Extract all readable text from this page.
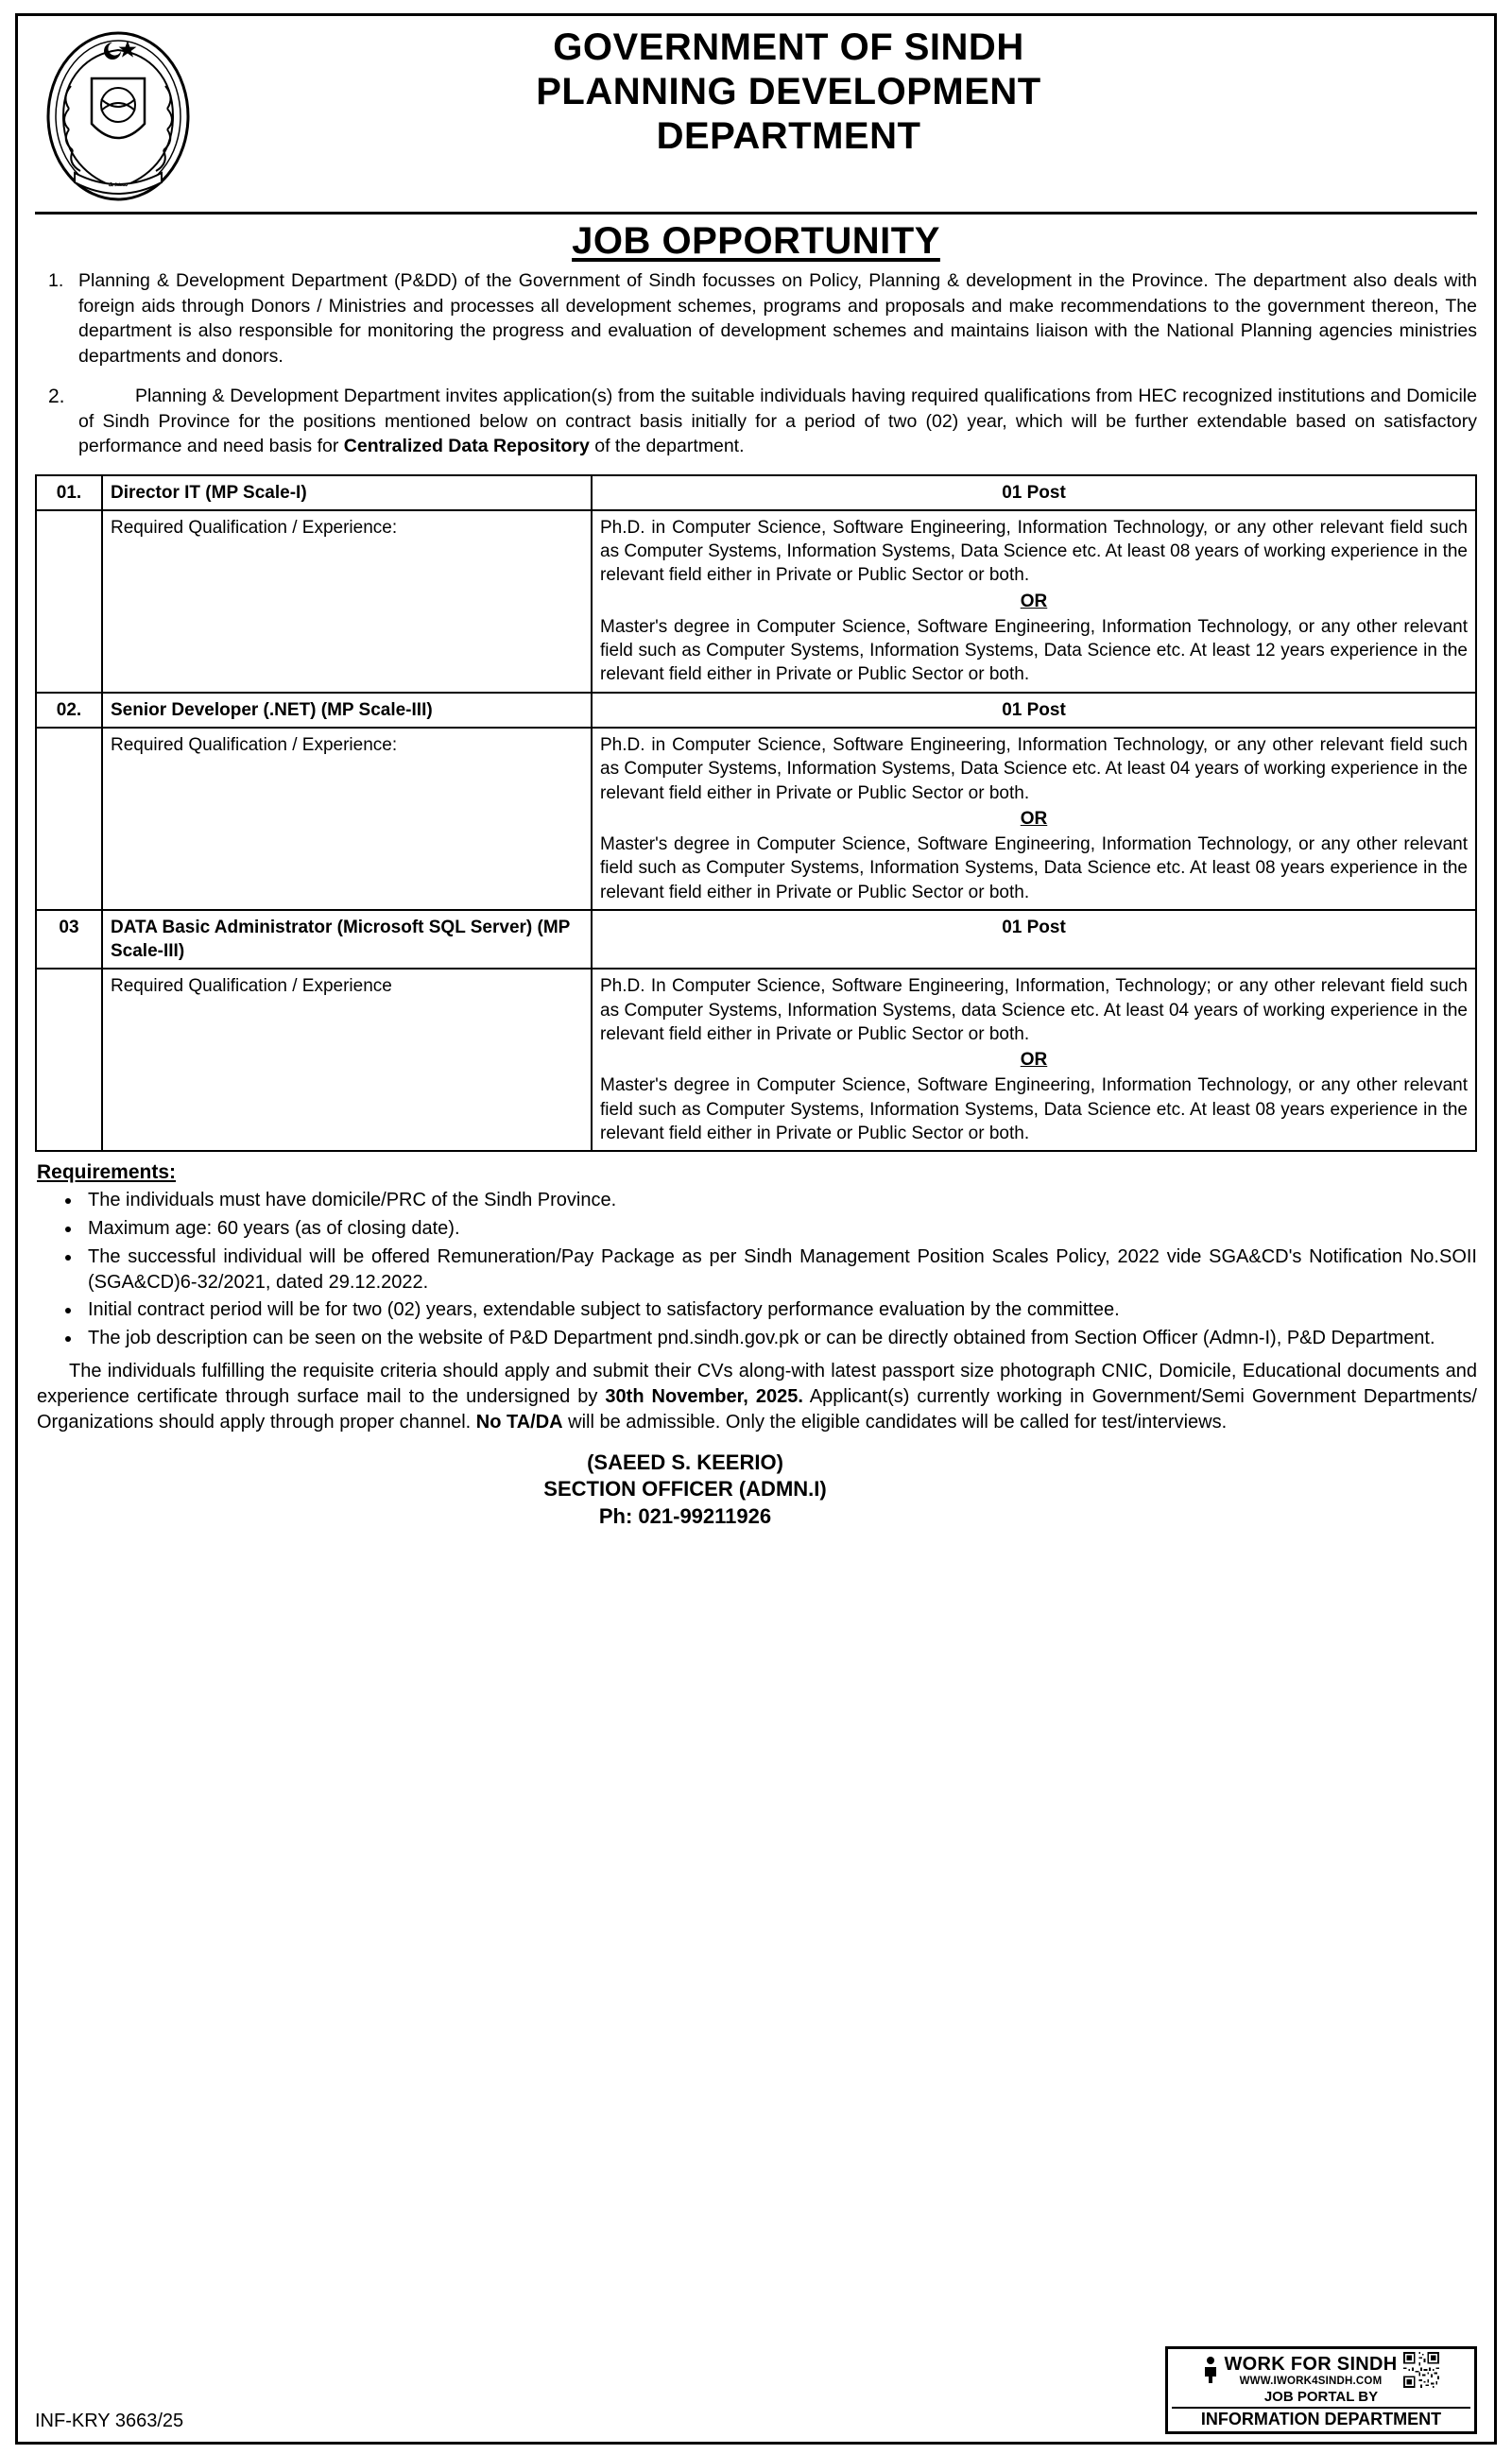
سندھ
GOVERNMENT OF SINDH
PLANNING DEVELOPMENT
DEPARTMENT
JOB OPPORTUNITY
1. Planning & Development Department (P&DD) of the Government of Sindh focusses on Policy, Planning & development in the Province. The department also deals with foreign aids through Donors / Ministries and processes all development schemes, programs and proposals and make recommendations to the government thereon, The department is also responsible for monitoring the progress and evaluation of development schemes and maintains liaison with the National Planning agencies ministries departments and donors.
2.	Planning & Development Department invites application(s) from the suitable individuals having required qualifications from HEC recognized institutions and Domicile of Sindh Province for the positions mentioned below on contract basis initially for a period of two (02) year, which will be further extendable based on satisfactory performance and need basis for Centralized Data Repository of the department.
01.	Director IT (MP Scale-I)	01 Post
	Required Qualification / Experience:	Ph.D. in Computer Science, Software Engineering, Information Technology, or any other relevant field such as Computer Systems, Information Systems, Data Science etc. At least 08 years of working experience in the relevant field either in Private or Public Sector or both.
OR
Master's degree in Computer Science, Software Engineering, Information Technology, or any other relevant field such as Computer Systems, Information Systems, Data Science etc. At least 12 years experience in the relevant field either in Private or Public Sector or both.

02.	Senior Developer (.NET) (MP Scale-III)	01 Post
	Required Qualification / Experience:	Ph.D. in Computer Science, Software Engineering, Information Technology, or any other relevant field such as Computer Systems, Information Systems, Data Science etc. At least 04 years of working experience in the relevant field either in Private or Public Sector or both.
OR
Master's degree in Computer Science, Software Engineering, Information Technology, or any other relevant field such as Computer Systems, Information Systems, Data Science etc. At least 08 years experience in the relevant field either in Private or Public Sector or both.

03	DATA Basic Administrator (Microsoft SQL Server) (MP Scale-III)	01 Post
	Required Qualification / Experience	Ph.D. In Computer Science, Software Engineering, Information, Technology; or any other relevant field such as Computer Systems, Information Systems, data Science etc. At least 04 years of working experience in the relevant field either in Private or Public Sector or both.
OR
Master's degree in Computer Science, Software Engineering, Information Technology, or any other relevant field such as Computer Systems, Information Systems, Data Science etc. At least 08 years experience in the relevant field either in Private or Public Sector or both.
Requirements:
• The individuals must have domicile/PRC of the Sindh Province.
• Maximum age: 60 years (as of closing date).
• The successful individual will be offered Remuneration/Pay Package as per Sindh Management Position Scales Policy, 2022 vide SGA&CD's Notification No.SOII (SGA&CD)6-32/2021, dated 29.12.2022.
• Initial contract period will be for two (02) years, extendable subject to satisfactory performance evaluation by the committee.
• The job description can be seen on the website of P&D Department pnd.sindh.gov.pk or can be directly obtained from Section Officer (Admn-I), P&D Department.
The individuals fulfilling the requisite criteria should apply and submit their CVs along-with latest passport size photograph CNIC, Domicile, Educational documents and experience certificate through surface mail to the undersigned by 30th November, 2025. Applicant(s) currently working in Government/Semi Government Departments/ Organizations should apply through proper channel. No TA/DA will be admissible. Only the eligible candidates will be called for test/interviews.
(SAEED S. KEERIO)
SECTION OFFICER (ADMN.I)
Ph: 021-99211926
INF-KRY 3663/25
WORK FOR SINDH
WWW.IWORK4SINDH.COM
JOB PORTAL BY
INFORMATION DEPARTMENT
